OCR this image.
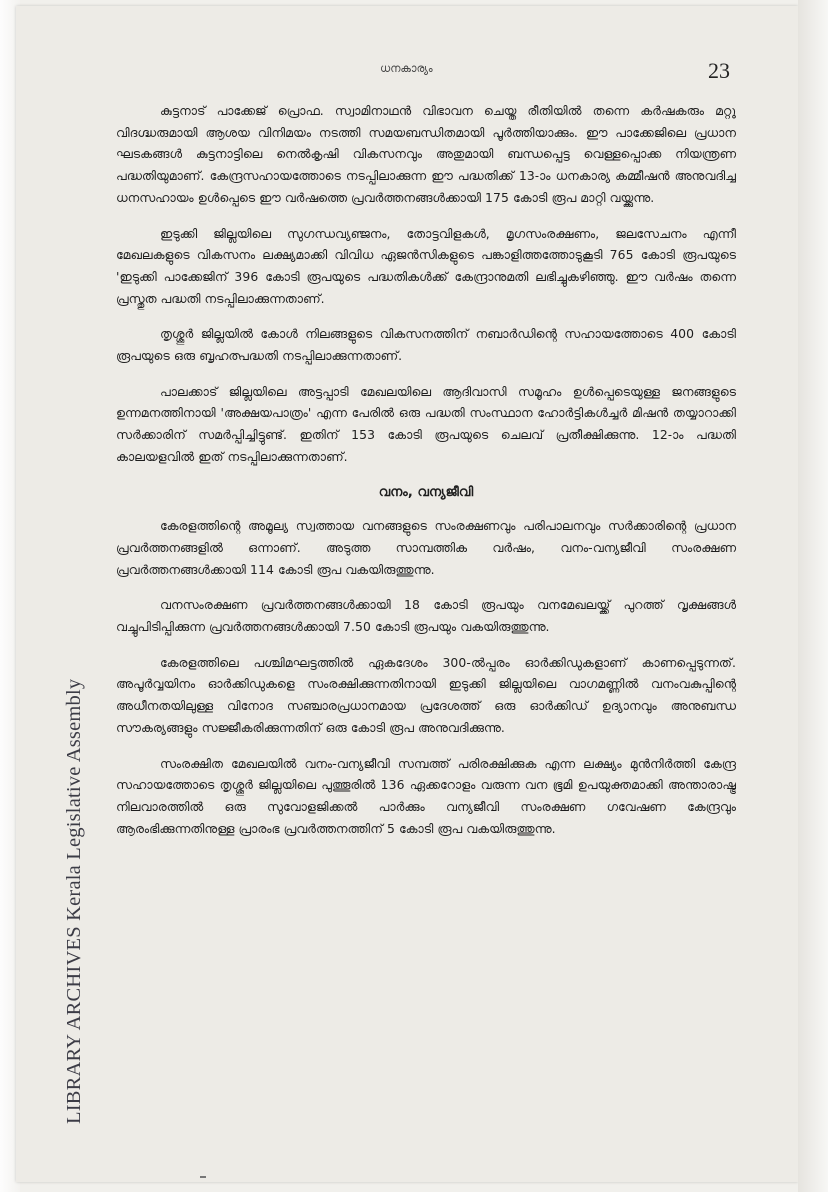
LIBRARY ARCHIVES Kerala Legislative Assembly
ധനകാര്യം	23

കുട്ടനാട് പാക്കേജ് പ്രൊഫ. സ്വാമിനാഥൻ വിഭാവന ചെയ്ത രീതിയിൽ തന്നെ കർഷകരും മറ്റു വിദഗ്ദ്ധരുമായി ആശയ വിനിമയം നടത്തി സമയബന്ധിതമായി പൂർത്തിയാക്കും. ഈ പാക്കേജിലെ പ്രധാന ഘടകങ്ങൾ കുട്ടനാട്ടിലെ നെൽകൃഷി വികസനവും അതുമായി ബന്ധപ്പെട്ട വെള്ളപ്പൊക്ക നിയന്ത്രണ പദ്ധതിയുമാണ്. കേന്ദ്രസഹായത്തോടെ നടപ്പിലാക്കുന്ന ഈ പദ്ധതിക്ക് 13-ാം ധനകാര്യ കമ്മീഷൻ അനുവദിച്ച ധനസഹായം ഉൾപ്പെടെ ഈ വർഷത്തെ പ്രവർത്തനങ്ങൾക്കായി 175 കോടി രൂപ മാറ്റി വയ്ക്കുന്നു.

ഇടുക്കി ജില്ലയിലെ സുഗന്ധവ്യഞ്ജനം, തോട്ടവിളകൾ, മൃഗസംരക്ഷണം, ജലസേചനം എന്നീ മേഖലകളുടെ വികസനം ലക്ഷ്യമാക്കി വിവിധ ഏജൻസികളുടെ പങ്കാളിത്തത്തോടുകൂടി 765 കോടി രൂപയുടെ 'ഇടുക്കി പാക്കേജിന് 396 കോടി രൂപയുടെ പദ്ധതികൾക്ക് കേന്ദ്രാനുമതി ലഭിച്ചുകഴിഞ്ഞു. ഈ വർഷം തന്നെ പ്രസ്തുത പദ്ധതി നടപ്പിലാക്കുന്നതാണ്.

തൃശ്ശൂർ ജില്ലയിൽ കോൾ നിലങ്ങളുടെ വികസനത്തിന് നബാർഡിന്റെ സഹായത്തോടെ 400 കോടി രൂപയുടെ ഒരു ബൃഹത്പദ്ധതി നടപ്പിലാക്കുന്നതാണ്.

പാലക്കാട് ജില്ലയിലെ അട്ടപ്പാടി മേഖലയിലെ ആദിവാസി സമൂഹം ഉൾപ്പെടെയുള്ള ജനങ്ങളുടെ ഉന്നമനത്തിനായി 'അക്ഷയപാത്രം' എന്ന പേരിൽ ഒരു പദ്ധതി സംസ്ഥാന ഹോർട്ടികൾച്ചർ മിഷൻ തയ്യാറാക്കി സർക്കാരിന് സമർപ്പിച്ചിട്ടുണ്ട്. ഇതിന് 153 കോടി രൂപയുടെ ചെലവ് പ്രതീക്ഷിക്കുന്നു. 12-ാം പദ്ധതി കാലയളവിൽ ഇത് നടപ്പിലാക്കുന്നതാണ്.

വനം, വന്യജീവി

കേരളത്തിന്റെ അമൂല്യ സ്വത്തായ വനങ്ങളുടെ സംരക്ഷണവും പരിപാലനവും സർക്കാരിന്റെ പ്രധാന പ്രവർത്തനങ്ങളിൽ ഒന്നാണ്. അടുത്ത സാമ്പത്തിക വർഷം, വനം-വന്യജീവി സംരക്ഷണ പ്രവർത്തനങ്ങൾക്കായി 114 കോടി രൂപ വകയിരുത്തുന്നു.

വനസംരക്ഷണ പ്രവർത്തനങ്ങൾക്കായി 18 കോടി രൂപയും വനമേഖലയ്ക്ക് പുറത്ത് വൃക്ഷങ്ങൾ വച്ചുപിടിപ്പിക്കുന്ന പ്രവർത്തനങ്ങൾക്കായി 7.50 കോടി രൂപയും വകയിരുത്തുന്നു.

കേരളത്തിലെ പശ്ചിമഘട്ടത്തിൽ ഏകദേശം 300-ൽപ്പരം ഓർക്കിഡുകളാണ് കാണപ്പെടുന്നത്. അപൂർവ്വയിനം ഓർക്കിഡുകളെ സംരക്ഷിക്കുന്നതിനായി ഇടുക്കി ജില്ലയിലെ വാഗമണ്ണിൽ വനംവകുപ്പിന്റെ അധീനതയിലുള്ള വിനോദ സഞ്ചാരപ്രധാനമായ പ്രദേശത്ത് ഒരു ഓർക്കിഡ് ഉദ്യാനവും അനുബന്ധ സൗകര്യങ്ങളും സജ്ജീകരിക്കുന്നതിന് ഒരു കോടി രൂപ അനുവദിക്കുന്നു.

സംരക്ഷിത മേഖലയിൽ വനം-വന്യജീവി സമ്പത്ത് പരിരക്ഷിക്കുക എന്ന ലക്ഷ്യം മുൻനിർത്തി കേന്ദ്ര സഹായത്തോടെ തൃശ്ശൂർ ജില്ലയിലെ പുത്തൂരിൽ 136 ഏക്കറോളം വരുന്ന വന ഭൂമി ഉപയുക്തമാക്കി അന്താരാഷ്ട്ര നിലവാരത്തിൽ ഒരു സുവോളജിക്കൽ പാർക്കും വന്യജീവി സംരക്ഷണ ഗവേഷണ കേന്ദ്രവും ആരംഭിക്കുന്നതിനുള്ള പ്രാരംഭ പ്രവർത്തനത്തിന് 5 കോടി രൂപ വകയിരുത്തുന്നു.
